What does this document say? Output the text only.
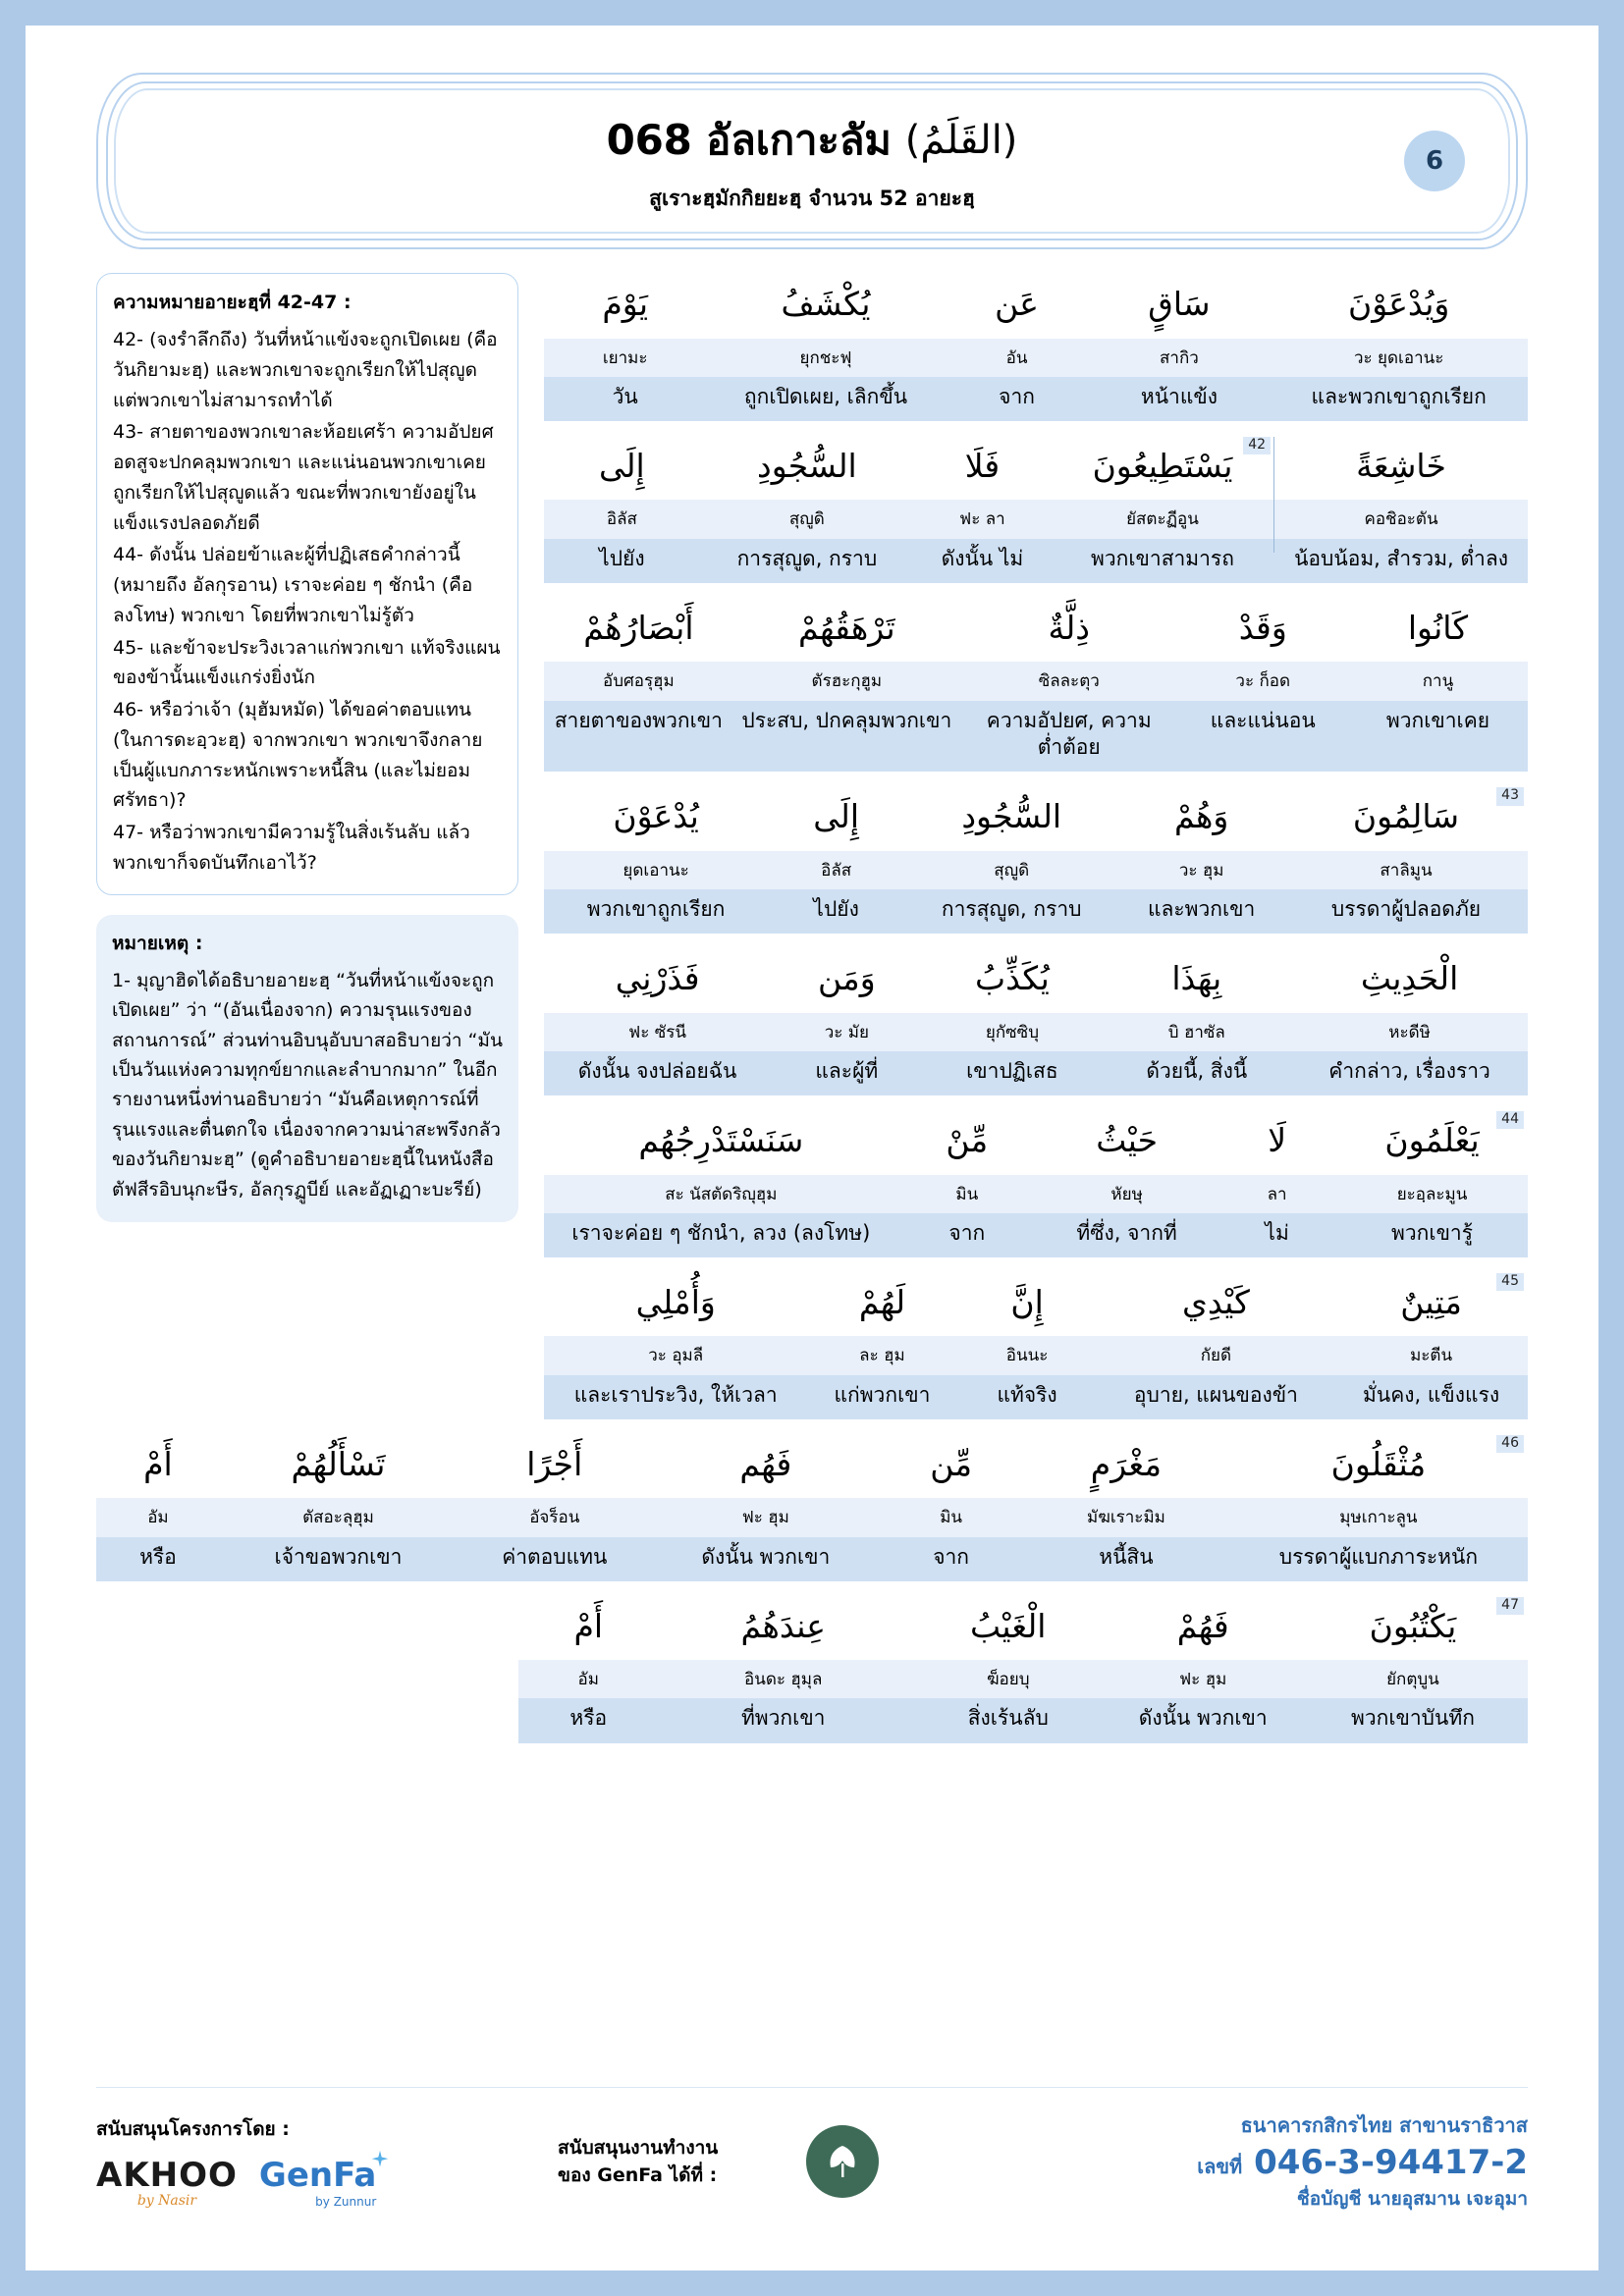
068 อัลเกาะลัม (القَلَمُ)
สูเราะฮฺมักกิยยะฮฺ จำนวน 52 อายะฮฺ
6
ความหมายอายะฮฺที่ 42-47 :
42- (จงรำลึกถึง) วันที่หน้าแข้งจะถูกเปิดเผย (คือวันกิยามะฮฺ) และพวกเขาจะถูกเรียกให้ไปสุญูด แต่พวกเขาไม่สามารถทำได้
43- สายตาของพวกเขาละห้อยเศร้า ความอัปยศอดสูจะปกคลุมพวกเขา และแน่นอนพวกเขาเคยถูกเรียกให้ไปสุญูดแล้ว ขณะที่พวกเขายังอยู่ในแข็งแรงปลอดภัยดี
44- ดังนั้น ปล่อยข้าและผู้ที่ปฏิเสธคำกล่าวนี้ (หมายถึง อัลกุรอาน) เราจะค่อย ๆ ชักนำ (คือลงโทษ) พวกเขา โดยที่พวกเขาไม่รู้ตัว
45- และข้าจะประวิงเวลาแก่พวกเขา แท้จริงแผนของข้านั้นแข็งแกร่งยิ่งนัก
46- หรือว่าเจ้า (มุฮัมหมัด) ได้ขอค่าตอบแทน (ในการดะอฺวะฮฺ) จากพวกเขา พวกเขาจึงกลายเป็นผู้แบกภาระหนักเพราะหนี้สิน (และไม่ยอมศรัทธา)?
47- หรือว่าพวกเขามีความรู้ในสิ่งเร้นลับ แล้วพวกเขาก็จดบันทึกเอาไว้?
หมายเหตุ :
1- มุญาฮิดได้อธิบายอายะฮฺ “วันที่หน้าแข้งจะถูกเปิดเผย” ว่า “(อันเนื่องจาก) ความรุนแรงของสถานการณ์” ส่วนท่านอิบนุอับบาสอธิบายว่า “มันเป็นวันแห่งความทุกข์ยากและลำบากมาก” ในอีกรายงานหนึ่งท่านอธิบายว่า “มันคือเหตุการณ์ที่รุนแรงและตื่นตกใจ เนื่องจากความน่าสะพรึงกลัวของวันกิยามะฮฺ” (ดูคำอธิบายอายะฮฺนี้ในหนังสือตัฟสีรอิบนุกะษีร, อัลกุรฏูบีย์ และอัฏเฏาะบะรีย์)
وَيُدْعَوْنَ
سَاقٍ
عَن
يُكْشَفُ
يَوْمَ
วะ ยุดเอานะ
สากิว
อัน
ยุกชะฟุ
เยามะ
และพวกเขาถูกเรียก
หน้าแข้ง
จาก
ถูกเปิดเผย, เลิกขึ้น
วัน
خَاشِعَةً
يَسْتَطِيعُونَ
فَلَا
السُّجُودِ
إِلَى
คอชิอะตัน
ยัสตะฏีอูน
ฟะ ลา
สุญูดิ
อิลัส
น้อบน้อม, สำรวม, ต่ำลง
พวกเขาสามารถ
ดังนั้น ไม่
การสุญูด, กราบ
ไปยัง
42
كَانُوا
وَقَدْ
ذِلَّةٌ
تَرْهَقُهُمْ
أَبْصَارُهُمْ
กานู
วะ ก็อด
ซิลละตุว
ตัรฮะกุฮูม
อับศอรุฮุม
พวกเขาเคย
และแน่นอน
ความอัปยศ, ความต่ำต้อย
ประสบ, ปกคลุมพวกเขา
สายตาของพวกเขา
سَالِمُونَ
وَهُمْ
السُّجُودِ
إِلَى
يُدْعَوْنَ
สาลิมูน
วะ ฮุม
สุญูดิ
อิลัส
ยุดเอานะ
บรรดาผู้ปลอดภัย
และพวกเขา
การสุญูด, กราบ
ไปยัง
พวกเขาถูกเรียก
43
الْحَدِيثِ
بِهَذَا
يُكَذِّبُ
وَمَن
فَذَرْنِي
หะดีษิ
บิ ฮาซัล
ยุกัซซิบุ
วะ มัย
ฟะ ซัรนี
คำกล่าว, เรื่องราว
ด้วยนี้, สิ่งนี้
เขาปฏิเสธ
และผู้ที่
ดังนั้น จงปล่อยฉัน
يَعْلَمُونَ
لَا
حَيْثُ
مِّنْ
سَنَسْتَدْرِجُهُم
ยะอฺละมูน
ลา
หัยษุ
มิน
สะ นัสตัดริญุฮุม
พวกเขารู้
ไม่
ที่ซึ่ง, จากที่
จาก
เราจะค่อย ๆ ชักนำ, ลวง (ลงโทษ)
44
مَتِينٌ
كَيْدِي
إِنَّ
لَهُمْ
وَأُمْلِي
มะตีน
กัยดี
อินนะ
ละ ฮุม
วะ อุมลี
มั่นคง, แข็งแรง
อุบาย, แผนของข้า
แท้จริง
แก่พวกเขา
และเราประวิง, ให้เวลา
45
مُثْقَلُونَ
مَغْرَمٍ
مِّن
فَهُم
أَجْرًا
تَسْأَلُهُمْ
أَمْ
มุษเกาะลูน
มัฆเราะมิม
มิน
ฟะ ฮุม
อัจร็อน
ตัสอะลุฮุม
อัม
บรรดาผู้แบกภาระหนัก
หนี้สิน
จาก
ดังนั้น พวกเขา
ค่าตอบแทน
เจ้าขอพวกเขา
หรือ
46
يَكْتُبُونَ
فَهُمْ
الْغَيْبُ
عِندَهُمُ
أَمْ
ยักตุบูน
ฟะ ฮุม
ฆ็อยบุ
อินดะ ฮุมุล
อัม
พวกเขาบันทึก
ดังนั้น พวกเขา
สิ่งเร้นลับ
ที่พวกเขา
หรือ
47
สนับสนุนโครงการโดย :
AKHOO
by Nasir
GenFa
by Zunnur
สนับสนุนงานทำงาน
ของ GenFa ได้ที่ :
ธนาคารกสิกรไทย สาขานราธิวาส
เลขที่ 046-3-94417-2
ชื่อบัญชี นายอุสมาน เจะอุมา
